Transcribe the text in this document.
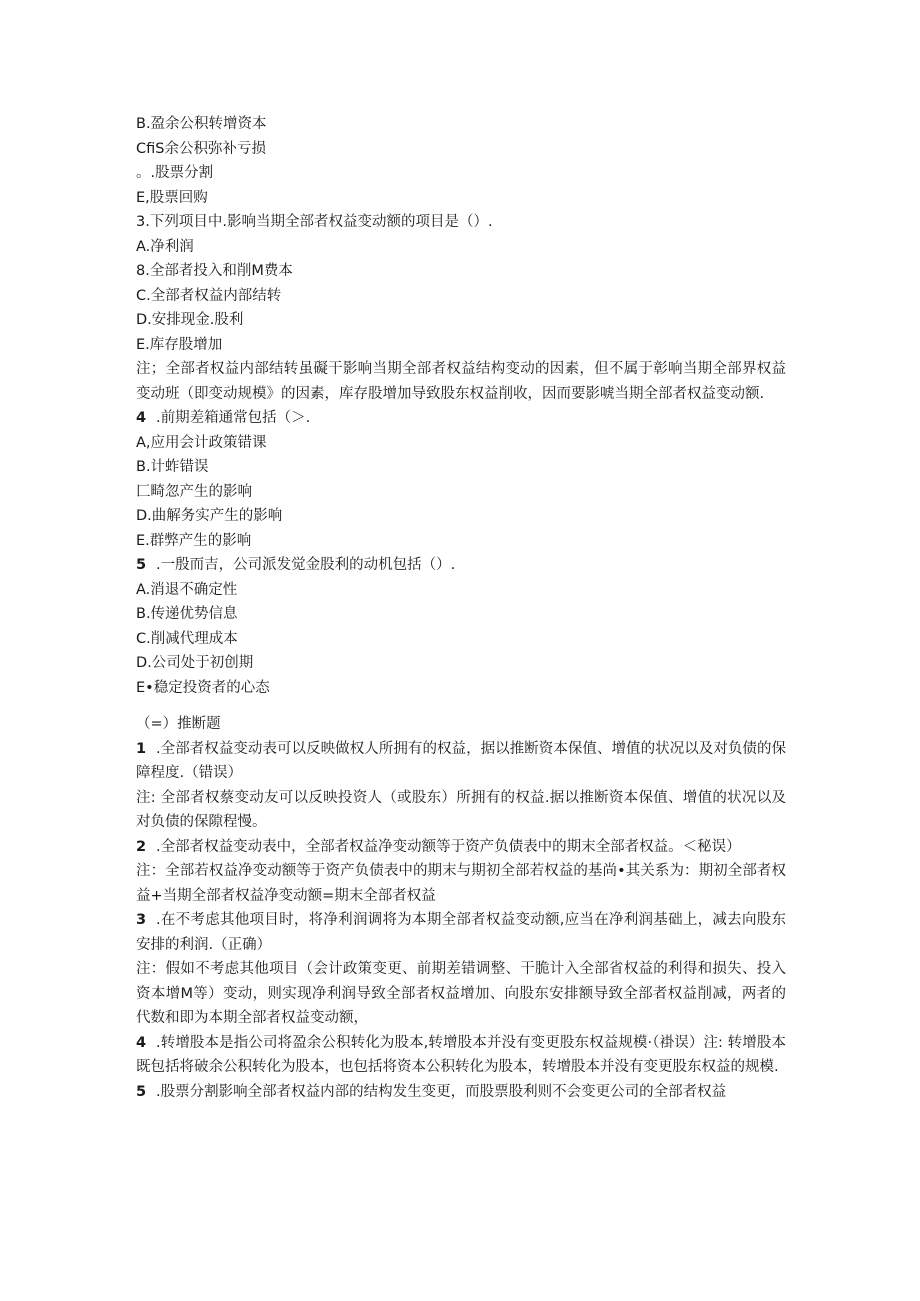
B.盈余公积转增资本
CfiS余公积弥补亏损
。.股票分割
E,股票回购
3.下列项目中.影响当期全部者权益变动额的项目是（）.
A.净利润
8.全部者投入和削M费本
C.全部者权益内部结转
D.安排现金.股利
E.库存股增加
注；全部者权益内部结转虽礙干影响当期全部者权益结构变动的因素，但不属于彰响当期全部界权益变动班（即变动规模》的因素，库存股增加导致股东权益削收，因而要影唬当期全部者权益变动额.
4 .前期差箱通常包括（＞.
A,应用会计政策错课
B.计蚱错误
匚畸忽产生的影响
D.曲解务实产生的影响
E.群弊产生的影响
5 .一殷而吉，公司派发觉金股利的动机包括（）.
A.消退不确定性
B.传递优势信息
C.削减代理成本
D.公司处于初创期
E•稳定投资者的心态
（=）推断题
1 .全部者权益变动表可以反映做权人所拥有的权益，据以推断资本保值、增值的状况以及对负债的保障程度.（错误）
注: 全部者权蔡变动友可以反映投资人（或股东）所拥有的权益.据以推断资本保值、增值的状况以及对负债的保隙程慢。
2 .全部者权益变动表中，全部者权益净变动额等于资产负债表中的期末全部者权益。＜秘误）
注：全部若权益净变动额等于资产负债表中的期末与期初全部若权益的基尚•其关系为：期初全部者权益+当期全部者权益净变动额=期末全部者权益
3 .在不考虑其他项目时，将净利润调将为本期全部者权益变动额,应当在净利润基础上，减去向股东安排的利润.（正确）
注：假如不考虑其他项目（会计政策变更、前期差错调整、干脆计入全部省权益的利得和损失、投入资本增M等）变动，则实现净利润导致全部者权益增加、向股东安排额导致全部者权益削减，两者的代数和即为本期全部者权益变动额，
4 .转增股本是指公司将盈余公积转化为股本,转增股本并没有变更股东权益规模·（褂误）注: 转增股本既包括将破余公积转化为股本，也包括将资本公积转化为股本，转增股本并没有变更股东权益的规模.
5 .股票分割影响全部者权益内部的结构发生变更，而股票股利则不会变更公司的全部者权益
